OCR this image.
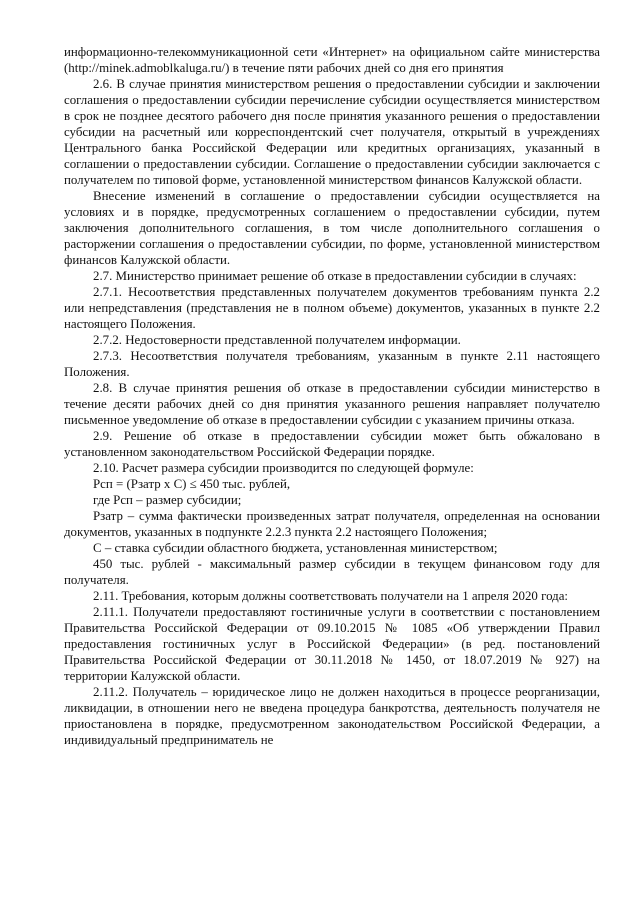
информационно-телекоммуникационной сети «Интернет» на официальном сайте министерства (http://minek.admoblkaluga.ru/) в течение пяти рабочих дней со дня его принятия

2.6. В случае принятия министерством решения о предоставлении субсидии и заключении соглашения о предоставлении субсидии перечисление субсидии осуществляется министерством в срок не позднее десятого рабочего дня после принятия указанного решения о предоставлении субсидии на расчетный или корреспондентский счет получателя, открытый в учреждениях Центрального банка Российской Федерации или кредитных организациях, указанный в соглашении о предоставлении субсидии. Соглашение о предоставлении субсидии заключается с получателем по типовой форме, установленной министерством финансов Калужской области.

Внесение изменений в соглашение о предоставлении субсидии осуществляется на условиях и в порядке, предусмотренных соглашением о предоставлении субсидии, путем заключения дополнительного соглашения, в том числе дополнительного соглашения о расторжении соглашения о предоставлении субсидии, по форме, установленной министерством финансов Калужской области.

2.7. Министерство принимает решение об отказе в предоставлении субсидии в случаях:

2.7.1. Несоответствия представленных получателем документов требованиям пункта 2.2 или непредставления (представления не в полном объеме) документов, указанных в пункте 2.2 настоящего Положения.

2.7.2. Недостоверности представленной получателем информации.

2.7.3. Несоответствия получателя требованиям, указанным в пункте 2.11 настоящего Положения.

2.8. В случае принятия решения об отказе в предоставлении субсидии министерство в течение десяти рабочих дней со дня принятия указанного решения направляет получателю письменное уведомление об отказе в предоставлении субсидии с указанием причины отказа.

2.9. Решение об отказе в предоставлении субсидии может быть обжаловано в установленном законодательством Российской Федерации порядке.

2.10. Расчет размера субсидии производится по следующей формуле:

Рсп = (Рзатр х С) ≤ 450 тыс. рублей,

где Рсп – размер субсидии;

Рзатр – сумма фактически произведенных затрат получателя, определенная на основании документов, указанных в подпункте 2.2.3 пункта 2.2 настоящего Положения;

С – ставка субсидии областного бюджета, установленная министерством;

450 тыс. рублей - максимальный размер субсидии в текущем финансовом году для получателя.

2.11. Требования, которым должны соответствовать получатели на 1 апреля 2020 года:

2.11.1. Получатели предоставляют гостиничные услуги в соответствии с постановлением Правительства Российской Федерации от 09.10.2015 № 1085 «Об утверждении Правил предоставления гостиничных услуг в Российской Федерации» (в ред. постановлений Правительства Российской Федерации от 30.11.2018 № 1450, от 18.07.2019 № 927) на территории Калужской области.

2.11.2. Получатель – юридическое лицо не должен находиться в процессе реорганизации, ликвидации, в отношении него не введена процедура банкротства, деятельность получателя не приостановлена в порядке, предусмотренном законодательством Российской Федерации, а индивидуальный предприниматель не
